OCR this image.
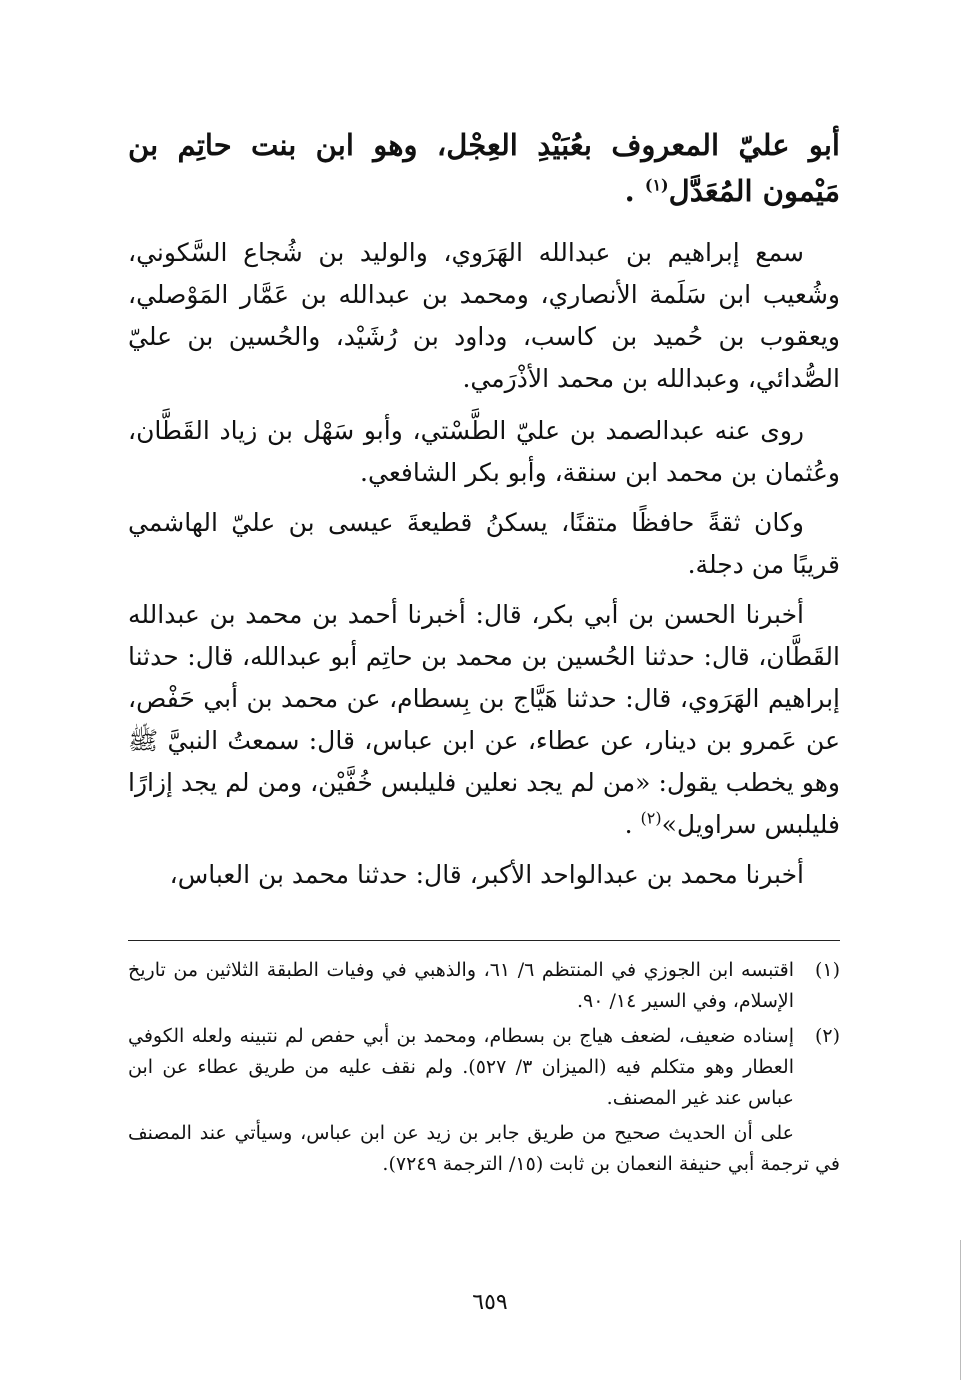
أبو عليّ المعروف بعُبَيْدِ العِجْل، وهو ابن بنت حاتِم بن مَيْمون المُعَدَّل$^{(١)}$ .

سمع إبراهيم بن عبدالله الهَرَوي، والوليد بن شُجاع السَّكوني، وشُعيب ابن سَلَمة الأنصاري، ومحمد بن عبدالله بن عَمَّار المَوْصلي، ويعقوب بن حُميد بن كاسب، وداود بن رُشَيْد، والحُسين بن عليّ الصُّدائي، وعبدالله بن محمد الأذْرَمي.

روى عنه عبدالصمد بن عليّ الطَّسْتي، وأبو سَهْل بن زياد القَطَّان، وعُثمان بن محمد ابن سنقة، وأبو بكر الشافعي.

وكان ثقةً حافظًا متقنًا، يسكنُ قطيعةَ عيسى بن عليّ الهاشمي قريبًا من دجلة.

أخبرنا الحسن بن أبي بكر، قال: أخبرنا أحمد بن محمد بن عبدالله القَطَّان، قال: حدثنا الحُسين بن محمد بن حاتِم أبو عبدالله، قال: حدثنا إبراهيم الهَرَوي، قال: حدثنا هَيَّاج بن بِسطام، عن محمد بن أبي حَفْص، عن عَمرو بن دينار، عن عطاء، عن ابن عباس، قال: سمعتُ النبيَّ ﷺ وهو يخطب يقول: «من لم يجد نعلين فليلبس خُفَّيْن، ومن لم يجد إزارًا فليلبس سراويل»$^{(٢)}$ .

أخبرنا محمد بن عبدالواحد الأكبر، قال: حدثنا محمد بن العباس،

(١)
اقتبسه ابن الجوزي في المنتظم ٦/ ٦١، والذهبي في وفيات الطبقة الثلاثين من تاريخ الإسلام، وفي السير ١٤/ ٩٠.
(٢)
إسناده ضعيف، لضعف هياج بن بسطام، ومحمد بن أبي حفص لم نتبينه ولعله الكوفي العطار وهو متكلم فيه (الميزان ٣/ ٥٢٧). ولم نقف عليه من طريق عطاء عن ابن عباس عند غير المصنف.

على أن الحديث صحيح من طريق جابر بن زيد عن ابن عباس، وسيأتي عند المصنف في ترجمة أبي حنيفة النعمان بن ثابت (١٥/ الترجمة ٧٢٤٩).

٦٥٩
